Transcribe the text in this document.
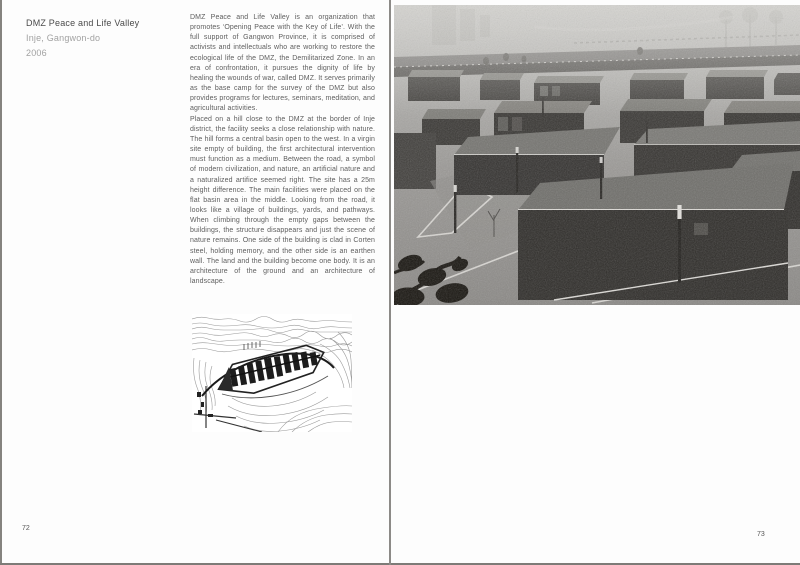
DMZ Peace and Life Valley

Inje, Gangwon-do

2006

DMZ Peace and Life Valley is an organization that promotes ‘Opening Peace with the Key of Life’. With the full support of Gangwon Province, it is comprised of activists and intellectuals who are working to restore the ecological life of the DMZ, the Demilitarized Zone. In an era of confrontation, it pursues the dignity of life by healing the wounds of war, called DMZ. It serves primarily as the base camp for the survey of the DMZ but also provides programs for lectures, seminars, meditation, and agricultural activities.

Placed on a hill close to the DMZ at the border of Inje district, the facility seeks a close relationship with nature. The hill forms a central basin open to the west. In a virgin site empty of building, the first architectural intervention must function as a medium. Between the road, a symbol of modern civilization, and nature, an artificial nature and a naturalized artifice seemed right. The site has a 25m height difference. The main facilities were placed on the flat basin area in the middle. Looking from the road, it looks like a village of buildings, yards, and pathways. When climbing through the empty gaps between the buildings, the structure disappears and just the scene of nature remains. One side of the building is clad in Corten steel, holding memory, and the other side is an earthen wall. The land and the building become one body. It is an architecture of the ground and an architecture of landscape.

72
73
